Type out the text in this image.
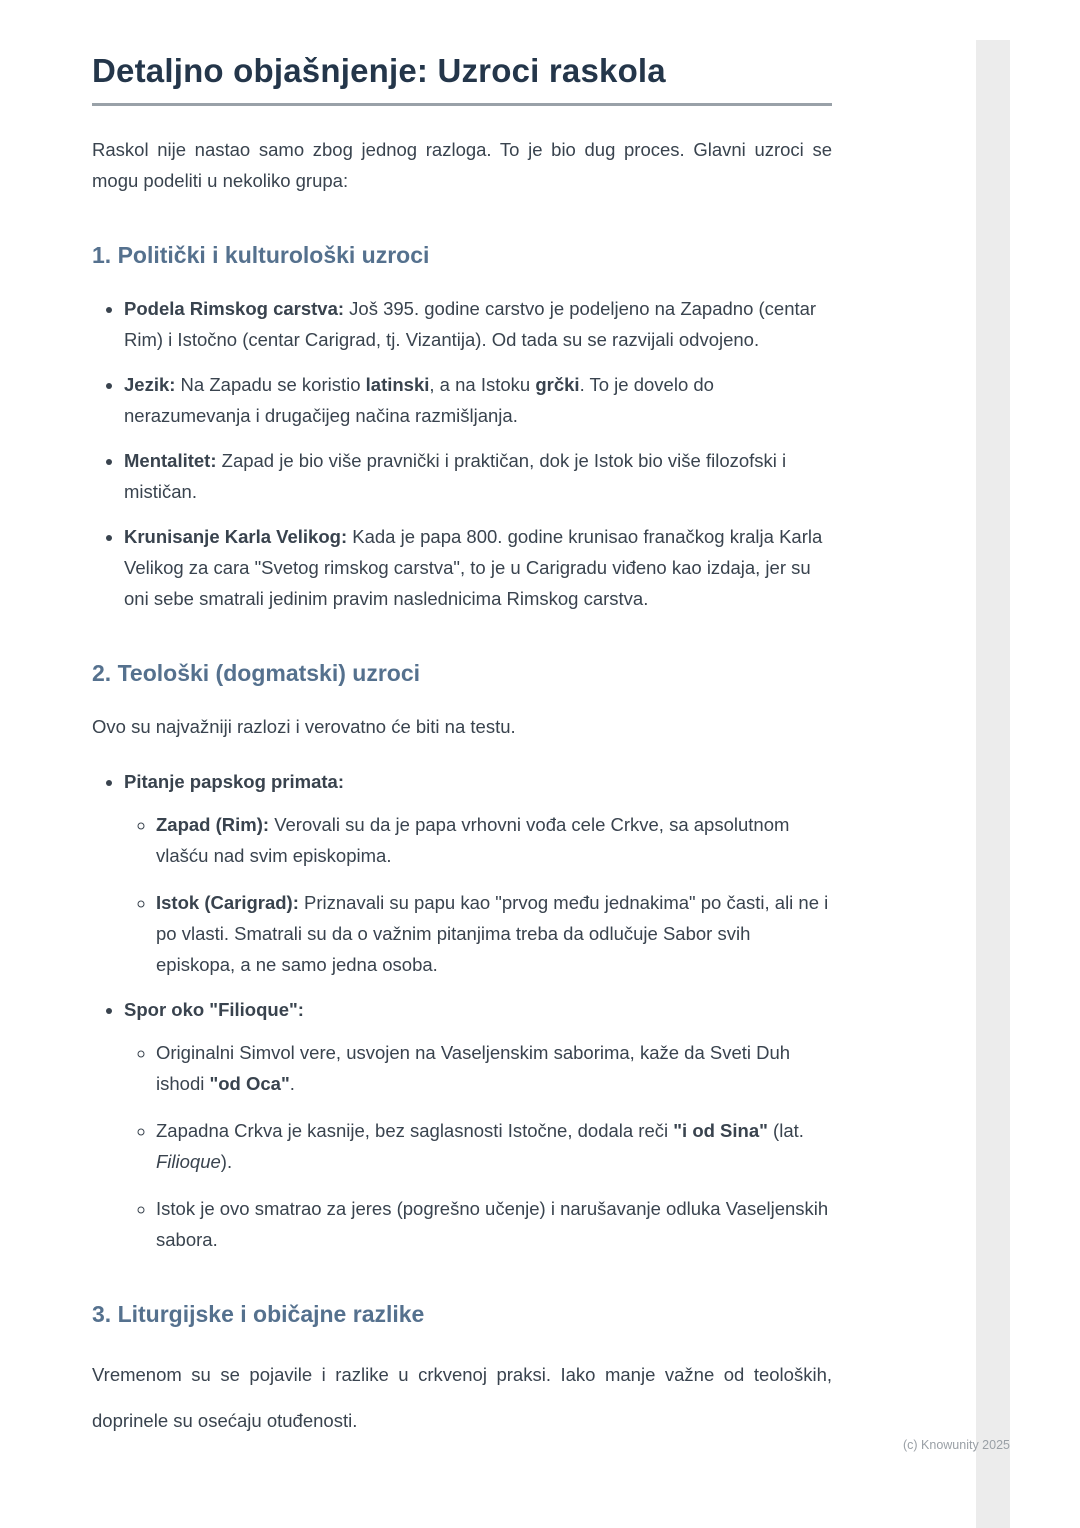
Detaljno objašnjenje: Uzroci raskola

Raskol nije nastao samo zbog jednog razloga. To je bio dug proces. Glavni uzroci se mogu podeliti u nekoliko grupa:

1. Politički i kulturološki uzroci
• Podela Rimskog carstva: Još 395. godine carstvo je podeljeno na Zapadno (centar Rim) i Istočno (centar Carigrad, tj. Vizantija). Od tada su se razvijali odvojeno.
• Jezik: Na Zapadu se koristio latinski, a na Istoku grčki. To je dovelo do nerazumevanja i drugačijeg načina razmišljanja.
• Mentalitet: Zapad je bio više pravnički i praktičan, dok je Istok bio više filozofski i mističan.
• Krunisanje Karla Velikog: Kada je papa 800. godine krunisao franačkog kralja Karla Velikog za cara "Svetog rimskog carstva", to je u Carigradu viđeno kao izdaja, jer su oni sebe smatrali jedinim pravim naslednicima Rimskog carstva.
2. Teološki (dogmatski) uzroci

Ovo su najvažniji razlozi i verovatno će biti na testu.

• Pitanje papskog primata:
◦ Zapad (Rim): Verovali su da je papa vrhovni vođa cele Crkve, sa apsolutnom vlašću nad svim episkopima.
◦ Istok (Carigrad): Priznavali su papu kao "prvog među jednakima" po časti, ali ne i po vlasti. Smatrali su da o važnim pitanjima treba da odlučuje Sabor svih episkopa, a ne samo jedna osoba.
• Spor oko "Filioque":
◦ Originalni Simvol vere, usvojen na Vaseljenskim saborima, kaže da Sveti Duh ishodi "od Oca".
◦ Zapadna Crkva je kasnije, bez saglasnosti Istočne, dodala reči "i od Sina" (lat. Filioque).
◦ Istok je ovo smatrao za jeres (pogrešno učenje) i narušavanje odluka Vaseljenskih sabora.
3. Liturgijske i običajne razlike

Vremenom su se pojavile i razlike u crkvenoj praksi. Iako manje važne od teoloških, doprinele su osećaju otuđenosti.

(c) Knowunity 2025
